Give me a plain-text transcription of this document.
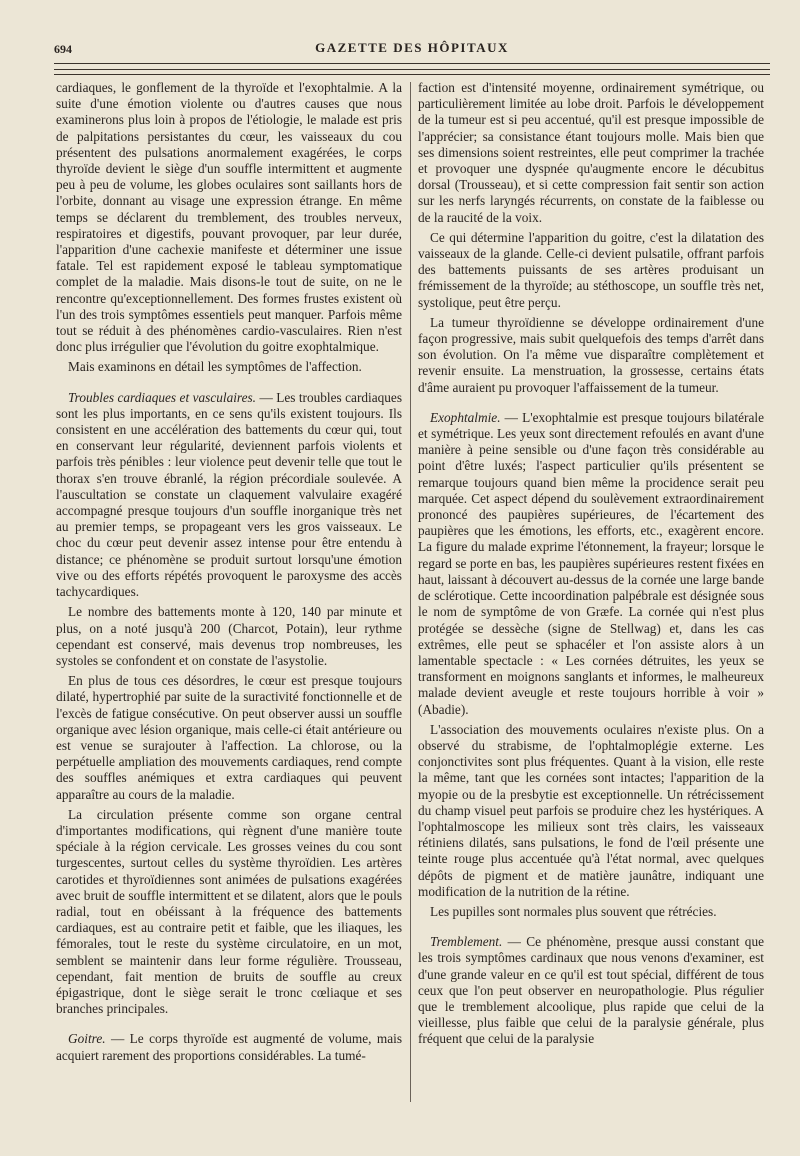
694	GAZETTE DES HÔPITAUX

cardiaques, le gonflement de la thyroïde et l'exophtalmie. A la suite d'une émotion violente ou d'autres causes que nous examinerons plus loin à propos de l'étiologie, le malade est pris de palpitations persistantes du cœur, les vaisseaux du cou présentent des pulsations anormalement exagérées, le corps thyroïde devient le siège d'un souffle intermittent et augmente peu à peu de volume, les globes oculaires sont saillants hors de l'orbite, donnant au visage une expression étrange. En même temps se déclarent du tremblement, des troubles nerveux, respiratoires et digestifs, pouvant provoquer, par leur durée, l'apparition d'une cachexie manifeste et déterminer une issue fatale. Tel est rapidement exposé le tableau symptomatique complet de la maladie. Mais disons-le tout de suite, on ne le rencontre qu'exceptionnellement. Des formes frustes existent où l'un des trois symptômes essentiels peut manquer. Parfois même tout se réduit à des phénomènes cardio-vasculaires. Rien n'est donc plus irrégulier que l'évolution du goitre exophtalmique.

Mais examinons en détail les symptômes de l'affection.

Troubles cardiaques et vasculaires. — Les troubles cardiaques sont les plus importants, en ce sens qu'ils existent toujours. Ils consistent en une accélération des battements du cœur qui, tout en conservant leur régularité, deviennent parfois violents et parfois très pénibles : leur violence peut devenir telle que tout le thorax s'en trouve ébranlé, la région précordiale soulevée. A l'auscultation se constate un claquement valvulaire exagéré accompagné presque toujours d'un souffle inorganique très net au premier temps, se propageant vers les gros vaisseaux. Le choc du cœur peut devenir assez intense pour être entendu à distance; ce phénomène se produit surtout lorsqu'une émotion vive ou des efforts répétés provoquent le paroxysme des accès tachycardiques.

Le nombre des battements monte à 120, 140 par minute et plus, on a noté jusqu'à 200 (Charcot, Potain), leur rythme cependant est conservé, mais devenus trop nombreuses, les systoles se confondent et on constate de l'asystolie.

En plus de tous ces désordres, le cœur est presque toujours dilaté, hypertrophié par suite de la suractivité fonctionnelle et de l'excès de fatigue consécutive. On peut observer aussi un souffle organique avec lésion organique, mais celle-ci était antérieure ou est venue se surajouter à l'affection. La chlorose, ou la perpétuelle ampliation des mouvements cardiaques, rend compte des souffles anémiques et extra cardiaques qui peuvent apparaître au cours de la maladie.

La circulation présente comme son organe central d'importantes modifications, qui règnent d'une manière toute spéciale à la région cervicale. Les grosses veines du cou sont turgescentes, surtout celles du système thyroïdien. Les artères carotides et thyroïdiennes sont animées de pulsations exagérées avec bruit de souffle intermittent et se dilatent, alors que le pouls radial, tout en obéissant à la fréquence des battements cardiaques, est au contraire petit et faible, que les iliaques, les fémorales, tout le reste du système circulatoire, en un mot, semblent se maintenir dans leur forme régulière. Trousseau, cependant, fait mention de bruits de souffle au creux épigastrique, dont le siège serait le tronc cœliaque et ses branches principales.

Goitre. — Le corps thyroïde est augmenté de volume, mais acquiert rarement des proportions considérables. La tumé-

faction est d'intensité moyenne, ordinairement symétrique, ou particulièrement limitée au lobe droit. Parfois le développement de la tumeur est si peu accentué, qu'il est presque impossible de l'apprécier; sa consistance étant toujours molle. Mais bien que ses dimensions soient restreintes, elle peut comprimer la trachée et provoquer une dyspnée qu'augmente encore le décubitus dorsal (Trousseau), et si cette compression fait sentir son action sur les nerfs laryngés récurrents, on constate de la faiblesse ou de la raucité de la voix.

Ce qui détermine l'apparition du goitre, c'est la dilatation des vaisseaux de la glande. Celle-ci devient pulsatile, offrant parfois des battements puissants de ses artères produisant un frémissement de la thyroïde; au stéthoscope, un souffle très net, systolique, peut être perçu.

La tumeur thyroïdienne se développe ordinairement d'une façon progressive, mais subit quelquefois des temps d'arrêt dans son évolution. On l'a même vue disparaître complètement et revenir ensuite. La menstruation, la grossesse, certains états d'âme auraient pu provoquer l'affaissement de la tumeur.

Exophtalmie. — L'exophtalmie est presque toujours bilatérale et symétrique. Les yeux sont directement refoulés en avant d'une manière à peine sensible ou d'une façon très considérable au point d'être luxés; l'aspect particulier qu'ils présentent se remarque toujours quand bien même la procidence serait peu marquée. Cet aspect dépend du soulèvement extraordinairement prononcé des paupières supérieures, de l'écartement des paupières que les émotions, les efforts, etc., exagèrent encore. La figure du malade exprime l'étonnement, la frayeur; lorsque le regard se porte en bas, les paupières supérieures restent fixées en haut, laissant à découvert au-dessus de la cornée une large bande de sclérotique. Cette incoordination palpébrale est désignée sous le nom de symptôme de von Græfe. La cornée qui n'est plus protégée se dessèche (signe de Stellwag) et, dans les cas extrêmes, elle peut se sphacéler et l'on assiste alors à un lamentable spectacle : « Les cornées détruites, les yeux se transforment en moignons sanglants et informes, le malheureux malade devient aveugle et reste toujours horrible à voir » (Abadie).

L'association des mouvements oculaires n'existe plus. On a observé du strabisme, de l'ophtalmoplégie externe. Les conjonctivites sont plus fréquentes. Quant à la vision, elle reste la même, tant que les cornées sont intactes; l'apparition de la myopie ou de la presbytie est exceptionnelle. Un rétrécissement du champ visuel peut parfois se produire chez les hystériques. A l'ophtalmoscope les milieux sont très clairs, les vaisseaux rétiniens dilatés, sans pulsations, le fond de l'œil présente une teinte rouge plus accentuée qu'à l'état normal, avec quelques dépôts de pigment et de matière jaunâtre, indiquant une modification de la nutrition de la rétine.

Les pupilles sont normales plus souvent que rétrécies.

Tremblement. — Ce phénomène, presque aussi constant que les trois symptômes cardinaux que nous venons d'examiner, est d'une grande valeur en ce qu'il est tout spécial, différent de tous ceux que l'on peut observer en neuropathologie. Plus régulier que le tremblement alcoolique, plus rapide que celui de la vieillesse, plus faible que celui de la paralysie générale, plus fréquent que celui de la paralysie
